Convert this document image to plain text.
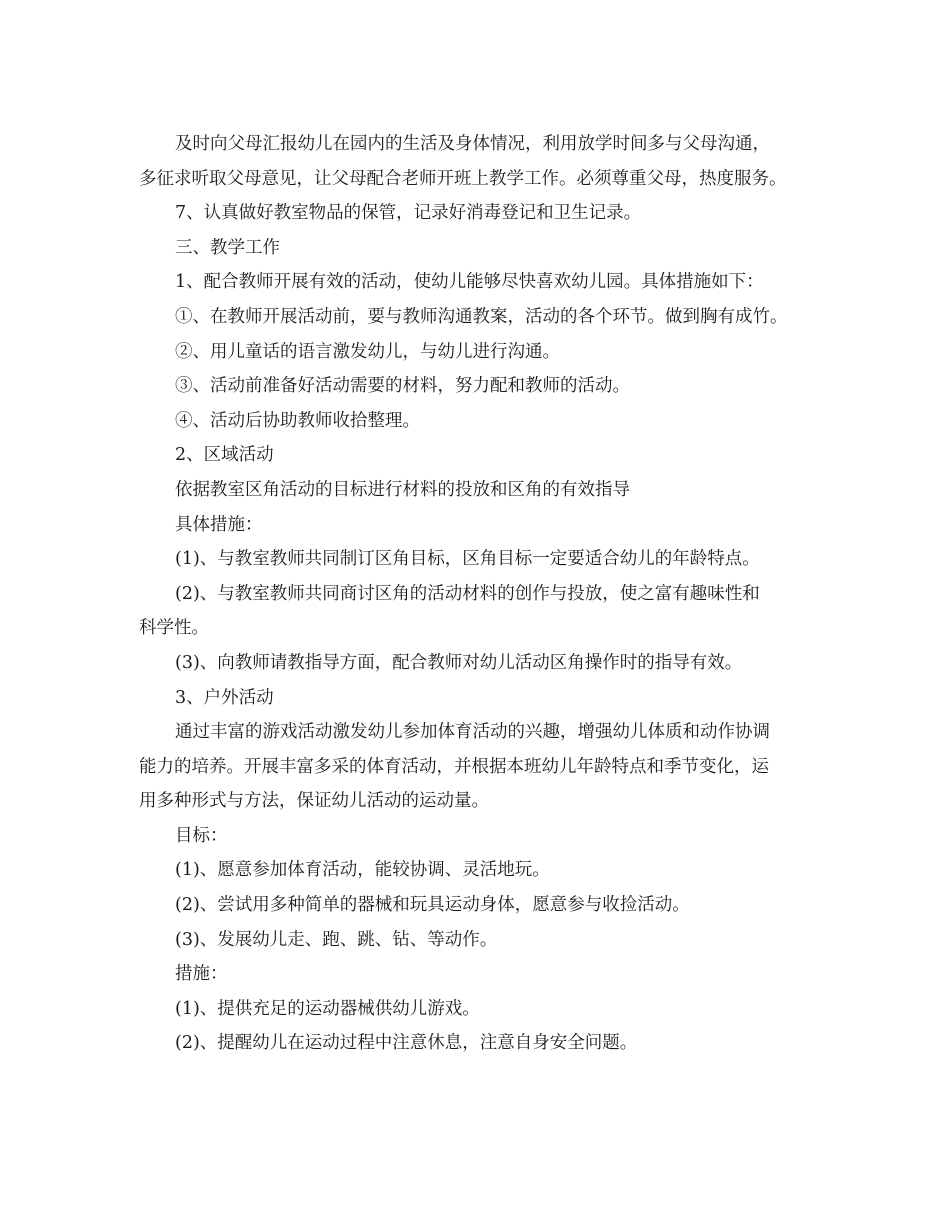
及时向父母汇报幼儿在园内的生活及身体情况，利用放学时间多与父母沟通，
多征求听取父母意见，让父母配合老师开班上教学工作。必须尊重父母，热度服务。
7、认真做好教室物品的保管，记录好消毒登记和卫生记录。
三、教学工作
1、配合教师开展有效的活动，使幼儿能够尽快喜欢幼儿园。具体措施如下：
①、在教师开展活动前，要与教师沟通教案，活动的各个环节。做到胸有成竹。
②、用儿童话的语言激发幼儿，与幼儿进行沟通。
③、活动前准备好活动需要的材料，努力配和教师的活动。
④、活动后协助教师收拾整理。
2、区域活动
依据教室区角活动的目标进行材料的投放和区角的有效指导
具体措施：
(1)、与教室教师共同制订区角目标，区角目标一定要适合幼儿的年龄特点。
(2)、与教室教师共同商讨区角的活动材料的创作与投放，使之富有趣味性和
科学性。
(3)、向教师请教指导方面，配合教师对幼儿活动区角操作时的指导有效。
3、户外活动
通过丰富的游戏活动激发幼儿参加体育活动的兴趣，增强幼儿体质和动作协调
能力的培养。开展丰富多采的体育活动，并根据本班幼儿年龄特点和季节变化，运
用多种形式与方法，保证幼儿活动的运动量。
目标：
(1)、愿意参加体育活动，能较协调、灵活地玩。
(2)、尝试用多种简单的器械和玩具运动身体，愿意参与收捡活动。
(3)、发展幼儿走、跑、跳、钻、等动作。
措施：
(1)、提供充足的运动器械供幼儿游戏。
(2)、提醒幼儿在运动过程中注意休息，注意自身安全问题。
